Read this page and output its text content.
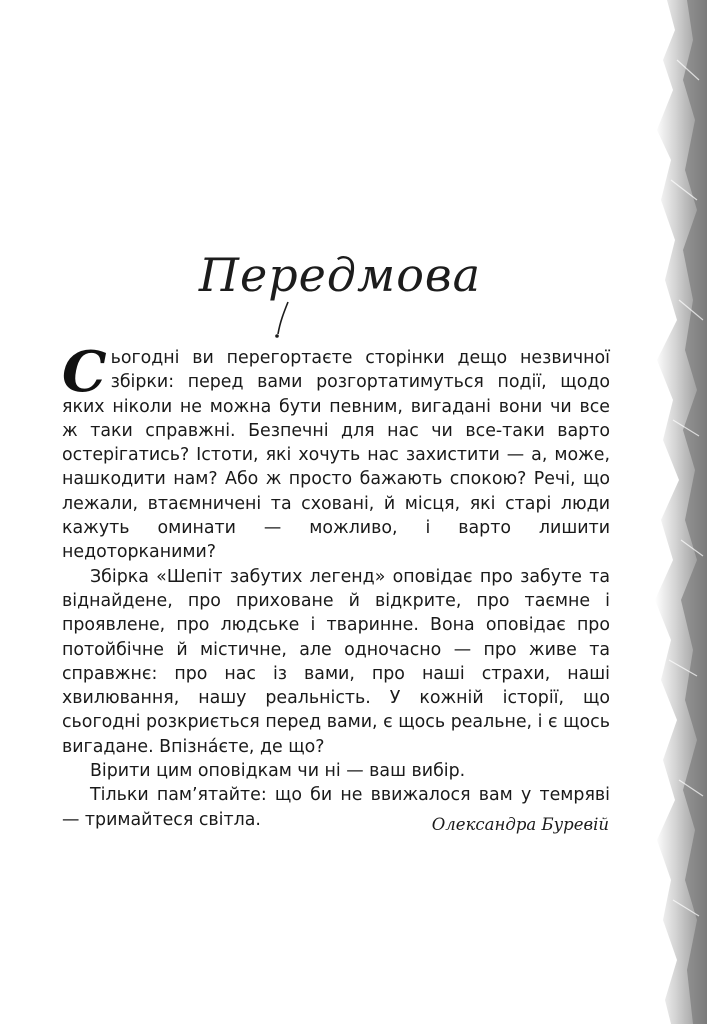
Передмова

Сьогодні ви перегортаєте сторінки дещо незвичної збірки: перед вами розгортатимуться події, щодо яких ніколи не можна бути певним, вигадані вони чи все ж таки справжні. Безпечні для нас чи все-таки варто остерігатись? Істоти, які хочуть нас захистити — а, може, нашкодити нам? Або ж просто бажають спокою? Речі, що лежали, втаємничені та сховані, й місця, які старі люди кажуть оминати — можливо, і варто лишити недоторканими?

Збірка «Шепіт забутих легенд» оповідає про забуте та віднайдене, про приховане й відкрите, про таємне і проявлене, про людське і тваринне. Вона оповідає про потойбічне й містичне, але одночасно — про живе та справжнє: про нас із вами, про наші страхи, наші хвилювання, нашу реальність. У кожній історії, що сьогодні розкриється перед вами, є щось реальне, і є щось вигадане. Впізна́єте, де що?

Вірити цим оповідкам чи ні — ваш вибір.

Тільки пам’ятайте: що би не ввижалося вам у темряві — тримайтеся світла.	Олександра Буревій
